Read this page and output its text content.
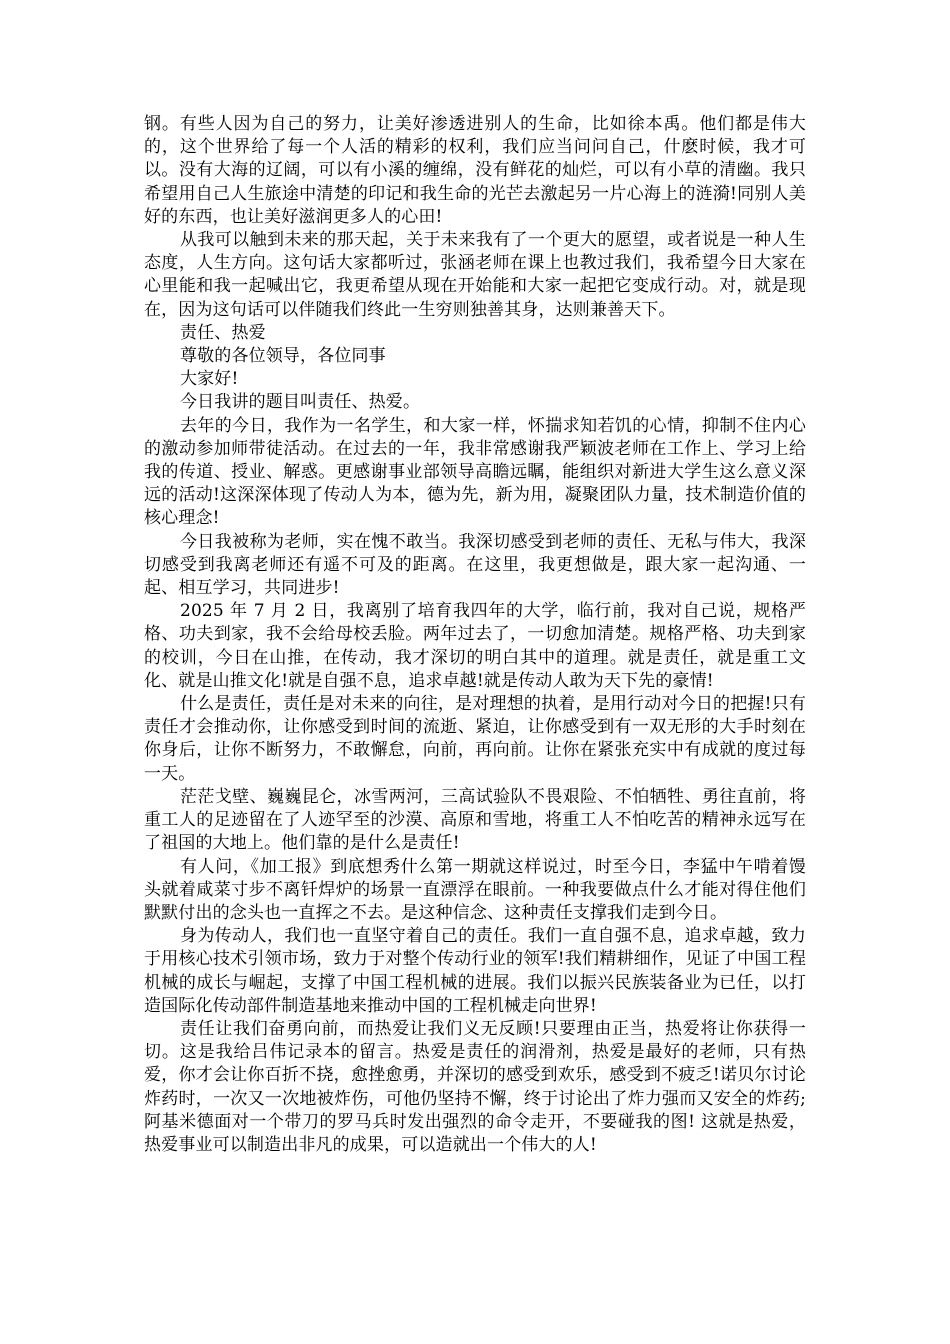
钢。有些人因为自己的努力，让美好渗透进别人的生命，比如徐本禹。他们都是伟大的，这个世界给了每一个人活的精彩的权利，我们应当问问自己，什麽时候，我才可以。没有大海的辽阔，可以有小溪的缠绵，没有鲜花的灿烂，可以有小草的清幽。我只希望用自己人生旅途中清楚的印记和我生命的光芒去激起另一片心海上的涟漪!同别人美好的东西，也让美好滋润更多人的心田!

从我可以触到未来的那天起，关于未来我有了一个更大的愿望，或者说是一种人生态度，人生方向。这句话大家都听过，张涵老师在课上也教过我们，我希望今日大家在心里能和我一起喊出它，我更希望从现在开始能和大家一起把它变成行动。对，就是现在，因为这句话可以伴随我们终此一生穷则独善其身，达则兼善天下。

责任、热爱

尊敬的各位领导，各位同事

大家好!

今日我讲的题目叫责任、热爱。

去年的今日，我作为一名学生，和大家一样，怀揣求知若饥的心情，抑制不住内心的激动参加师带徒活动。在过去的一年，我非常感谢我严颖波老师在工作上、学习上给我的传道、授业、解惑。更感谢事业部领导高瞻远瞩，能组织对新进大学生这么意义深远的活动!这深深体现了传动人为本，德为先，新为用，凝聚团队力量，技术制造价值的核心理念!

今日我被称为老师，实在愧不敢当。我深切感受到老师的责任、无私与伟大，我深切感受到我离老师还有遥不可及的距离。在这里，我更想做是，跟大家一起沟通、一起、相互学习，共同进步!

2025 年 7 月 2 日，我离别了培育我四年的大学，临行前，我对自己说，规格严格、功夫到家，我不会给母校丢脸。两年过去了，一切愈加清楚。规格严格、功夫到家的校训，今日在山推，在传动，我才深切的明白其中的道理。就是责任，就是重工文化、就是山推文化!就是自强不息，追求卓越!就是传动人敢为天下先的豪情!

什么是责任，责任是对未来的向往，是对理想的执着，是用行动对今日的把握!只有责任才会推动你，让你感受到时间的流逝、紧迫，让你感受到有一双无形的大手时刻在你身后，让你不断努力，不敢懈怠，向前，再向前。让你在紧张充实中有成就的度过每一天。

茫茫戈壁、巍巍昆仑，冰雪两河，三高试验队不畏艰险、不怕牺牲、勇往直前，将重工人的足迹留在了人迹罕至的沙漠、高原和雪地，将重工人不怕吃苦的精神永远写在了祖国的大地上。他们靠的是什么是责任!

有人问，《加工报》到底想秀什么第一期就这样说过，时至今日，李猛中午啃着馒头就着咸菜寸步不离钎焊炉的场景一直漂浮在眼前。一种我要做点什么才能对得住他们默默付出的念头也一直挥之不去。是这种信念、这种责任支撑我们走到今日。

身为传动人，我们也一直坚守着自己的责任。我们一直自强不息，追求卓越，致力于用核心技术引领市场，致力于对整个传动行业的领军!我们精耕细作，见证了中国工程机械的成长与崛起，支撑了中国工程机械的进展。我们以振兴民族装备业为已任，以打造国际化传动部件制造基地来推动中国的工程机械走向世界!

责任让我们奋勇向前，而热爱让我们义无反顾!只要理由正当，热爱将让你获得一切。这是我给吕伟记录本的留言。热爱是责任的润滑剂，热爱是最好的老师，只有热爱，你才会让你百折不挠，愈挫愈勇，并深切的感受到欢乐，感受到不疲乏!诺贝尔讨论炸药时，一次又一次地被炸伤，可他仍坚持不懈，终于讨论出了炸力强而又安全的炸药;阿基米德面对一个带刀的罗马兵时发出强烈的命令走开，不要碰我的图! 这就是热爱，热爱事业可以制造出非凡的成果，可以造就出一个伟大的人!
